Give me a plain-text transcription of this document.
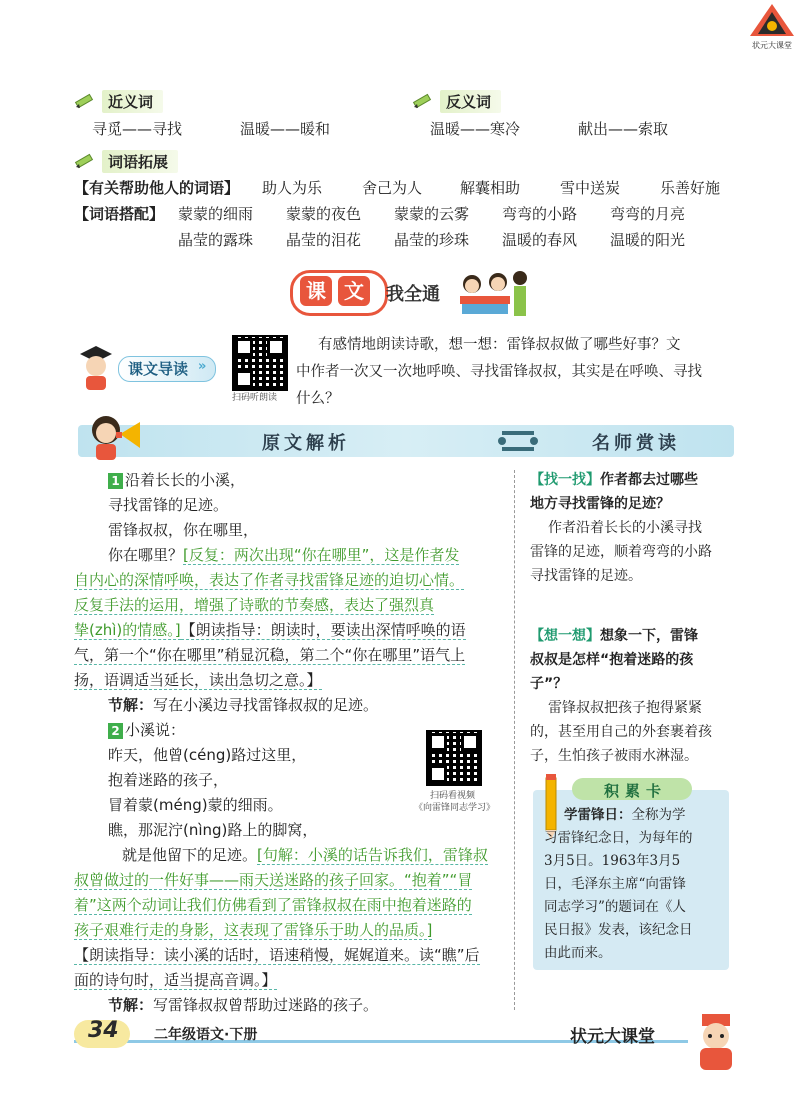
状元大课堂
近义词
寻觅——寻找	温暖——暖和
反义词
温暖——寒冷	献出——索取
词语拓展
【有关帮助他人的词语】 助人为乐	舍己为人	解囊相助	雪中送炭	乐善好施
【词语搭配】 蒙蒙的细雨 蒙蒙的夜色 蒙蒙的云雾 弯弯的小路 弯弯的月亮
晶莹的露珠 晶莹的泪花 晶莹的珍珠 温暖的春风 温暖的阳光
课 文	我全通
课文导读 »
扫码听朗读
有感情地朗读诗歌，想一想：雷锋叔叔做了哪些好事？文
中作者一次又一次地呼唤、寻找雷锋叔叔，其实是在呼唤、寻找
什么？
原文解析	名师赏读
1 沿着长长的小溪，
寻找雷锋的足迹。
雷锋叔叔，你在哪里，
你在哪里？[反复：两次出现“你在哪里”，这是作者发
自内心的深情呼唤，表达了作者寻找雷锋足迹的迫切心情。
反复手法的运用，增强了诗歌的节奏感，表达了强烈真
挚(zhì)的情感。]【朗读指导：朗读时，要读出深情呼唤的语
气，第一个“你在哪里”稍显沉稳，第二个“你在哪里”语气上
扬，语调适当延长，读出急切之意。】
节解：写在小溪边寻找雷锋叔叔的足迹。
2 小溪说：
昨天，他曾(céng)路过这里，
抱着迷路的孩子，
冒着蒙(méng)蒙的细雨。
瞧，那泥泞(nìng)路上的脚窝，
扫码看视频
《向雷锋同志学习》
就是他留下的足迹。[句解：小溪的话告诉我们，雷锋叔
叔曾做过的一件好事——雨天送迷路的孩子回家。“抱着”“冒
着”这两个动词让我们仿佛看到了雷锋叔叔在雨中抱着迷路的
孩子艰难行走的身影，这表现了雷锋乐于助人的品质。]
【朗读指导：读小溪的话时，语速稍慢，娓娓道来。读“瞧”后
面的诗句时，适当提高音调。】
节解：写雷锋叔叔曾帮助过迷路的孩子。
【找一找】作者都去过哪些
地方寻找雷锋的足迹？
作者沿着长长的小溪寻找
雷锋的足迹，顺着弯弯的小路
寻找雷锋的足迹。
【想一想】想象一下，雷锋
叔叔是怎样“抱着迷路的孩
子”？
雷锋叔叔把孩子抱得紧紧
的，甚至用自己的外套裹着孩
子，生怕孩子被雨水淋湿。
积累卡
学雷锋日：全称为学
习雷锋纪念日，为每年的
3月5日。1963年3月5
日，毛泽东主席“向雷锋
同志学习”的题词在《人
民日报》发表，该纪念日
由此而来。
34	二年级语文·下册	状元大课堂
